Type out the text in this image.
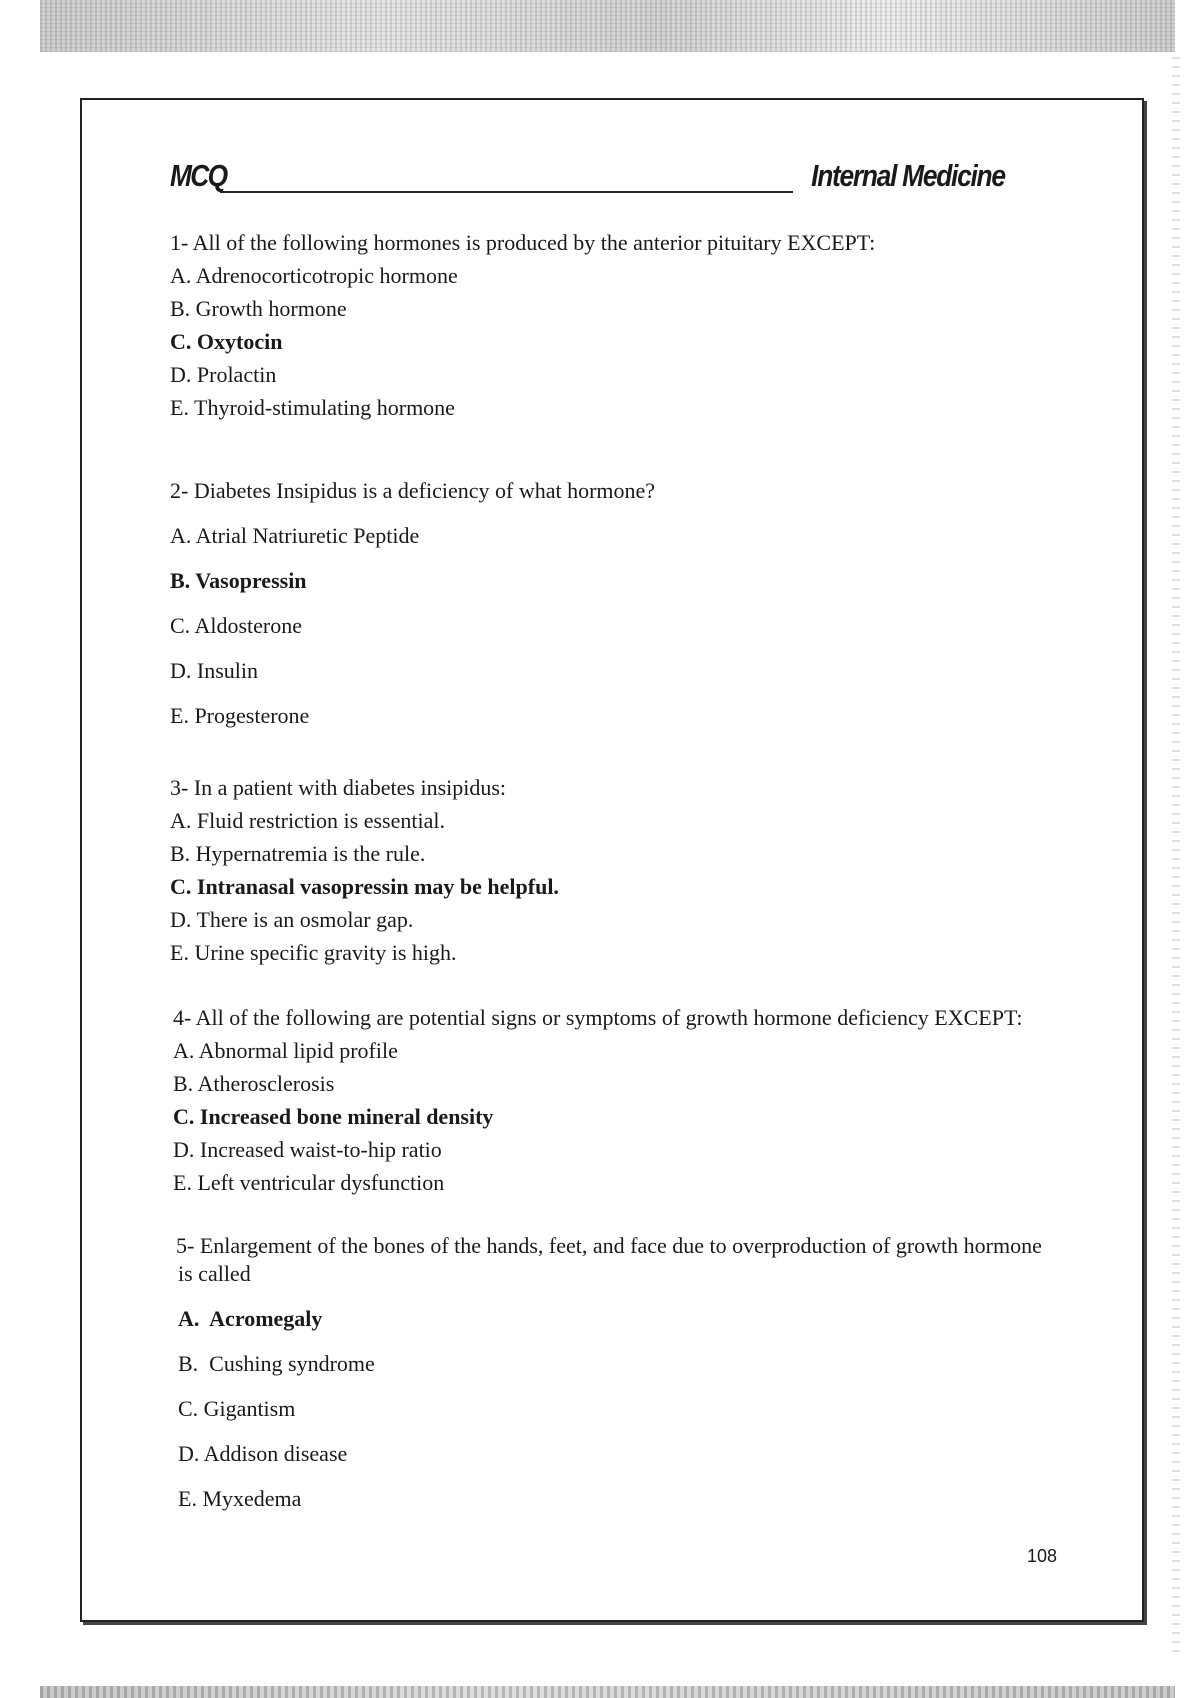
MCQ	Internal Medicine
1- All of the following hormones is produced by the anterior pituitary EXCEPT:
A. Adrenocorticotropic hormone
B. Growth hormone
C. Oxytocin
D. Prolactin
E. Thyroid-stimulating hormone
2- Diabetes Insipidus is a deficiency of what hormone?
A. Atrial Natriuretic Peptide
B. Vasopressin
C. Aldosterone
D. Insulin
E. Progesterone
3- In a patient with diabetes insipidus:
A. Fluid restriction is essential.
B. Hypernatremia is the rule.
C. Intranasal vasopressin may be helpful.
D. There is an osmolar gap.
E. Urine specific gravity is high.
4- All of the following are potential signs or symptoms of growth hormone deficiency EXCEPT:
A. Abnormal lipid profile
B. Atherosclerosis
C. Increased bone mineral density
D. Increased waist-to-hip ratio
E. Left ventricular dysfunction
5- Enlargement of the bones of the hands, feet, and face due to overproduction of growth hormone
is called
A.  Acromegaly
B.  Cushing syndrome
C. Gigantism
D. Addison disease
E. Myxedema
108
